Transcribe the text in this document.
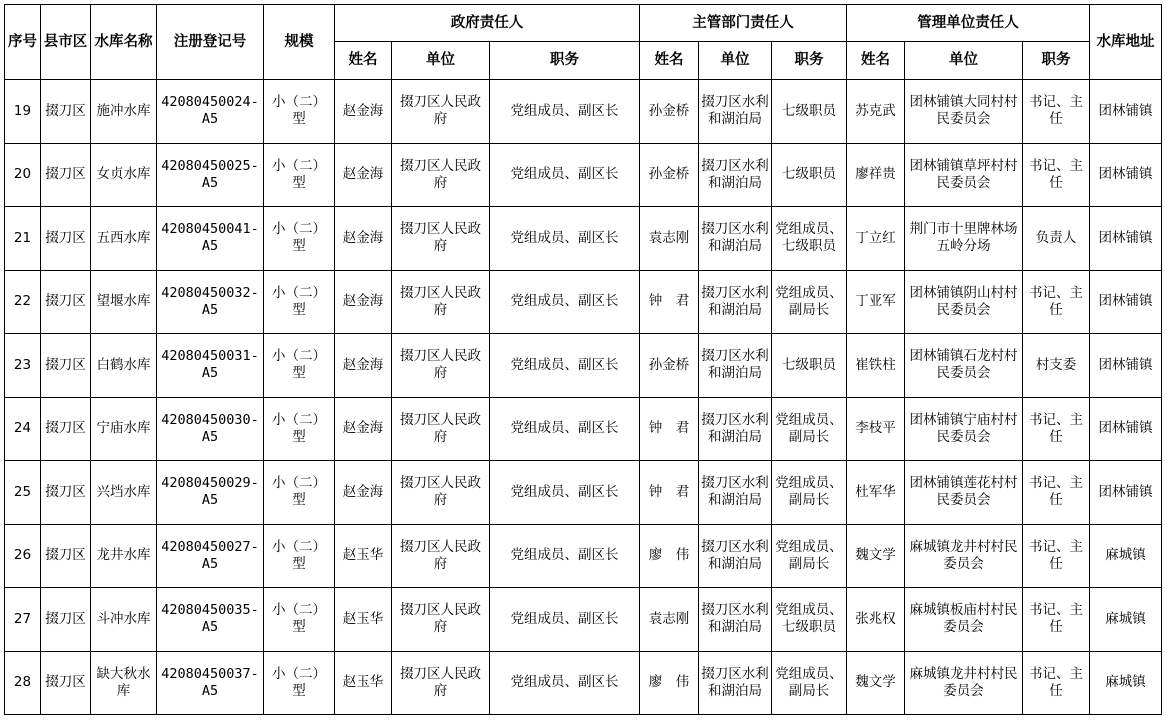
序号	县市区	水库名称	注册登记号	规模	政府责任人			主管部门责任人			管理单位责任人			水库地址
					姓名	单位	职务	姓名	单位	职务	姓名	单位	职务	
19	掇刀区	施冲水库	42080450024-A5	小（二）型	赵金海	掇刀区人民政府	党组成员、副区长	孙金桥	掇刀区水利和湖泊局	七级职员	苏克武	团林铺镇大同村村民委员会	书记、主任	团林铺镇
20	掇刀区	女贞水库	42080450025-A5	小（二）型	赵金海	掇刀区人民政府	党组成员、副区长	孙金桥	掇刀区水利和湖泊局	七级职员	廖祥贵	团林铺镇草坪村村民委员会	书记、主任	团林铺镇
21	掇刀区	五西水库	42080450041-A5	小（二）型	赵金海	掇刀区人民政府	党组成员、副区长	袁志刚	掇刀区水利和湖泊局	党组成员、七级职员	丁立红	荆门市十里牌林场五岭分场	负责人	团林铺镇
22	掇刀区	望堰水库	42080450032-A5	小（二）型	赵金海	掇刀区人民政府	党组成员、副区长	钟　君	掇刀区水利和湖泊局	党组成员、副局长	丁亚军	团林铺镇阴山村村民委员会	书记、主任	团林铺镇
23	掇刀区	白鹤水库	42080450031-A5	小（二）型	赵金海	掇刀区人民政府	党组成员、副区长	孙金桥	掇刀区水利和湖泊局	七级职员	崔铁柱	团林铺镇石龙村村民委员会	村支委	团林铺镇
24	掇刀区	宁庙水库	42080450030-A5	小（二）型	赵金海	掇刀区人民政府	党组成员、副区长	钟　君	掇刀区水利和湖泊局	党组成员、副局长	李枝平	团林铺镇宁庙村村民委员会	书记、主任	团林铺镇
25	掇刀区	兴垱水库	42080450029-A5	小（二）型	赵金海	掇刀区人民政府	党组成员、副区长	钟　君	掇刀区水利和湖泊局	党组成员、副局长	杜军华	团林铺镇莲花村村民委员会	书记、主任	团林铺镇
26	掇刀区	龙井水库	42080450027-A5	小（二）型	赵玉华	掇刀区人民政府	党组成员、副区长	廖　伟	掇刀区水利和湖泊局	党组成员、副局长	魏文学	麻城镇龙井村村民委员会	书记、主任	麻城镇
27	掇刀区	斗冲水库	42080450035-A5	小（二）型	赵玉华	掇刀区人民政府	党组成员、副区长	袁志刚	掇刀区水利和湖泊局	党组成员、七级职员	张兆权	麻城镇板庙村村民委员会	书记、主任	麻城镇
28	掇刀区	缺大秋水库	42080450037-A5	小（二）型	赵玉华	掇刀区人民政府	党组成员、副区长	廖　伟	掇刀区水利和湖泊局	党组成员、副局长	魏文学	麻城镇龙井村村民委员会	书记、主任	麻城镇
